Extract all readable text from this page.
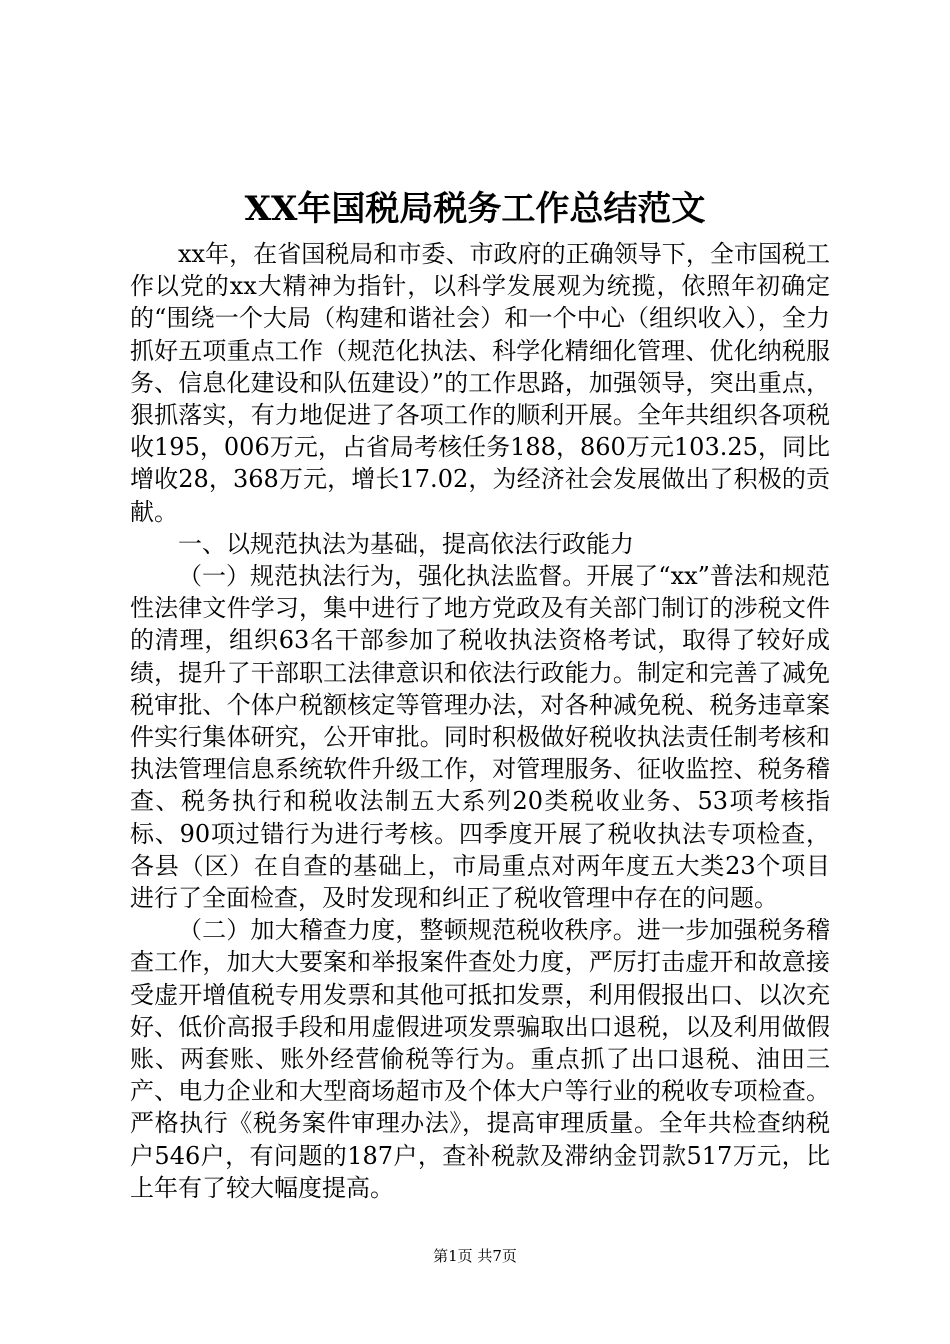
XX年国税局税务工作总结范文

xx年，在省国税局和市委、市政府的正确领导下，全市国税工作以党的xx大精神为指针，以科学发展观为统揽，依照年初确定的“围绕一个大局（构建和谐社会）和一个中心（组织收入），全力抓好五项重点工作（规范化执法、科学化精细化管理、优化纳税服务、信息化建设和队伍建设）”的工作思路，加强领导，突出重点，狠抓落实，有力地促进了各项工作的顺利开展。全年共组织各项税收195，006万元，占省局考核任务188，860万元103.25，同比增收28，368万元，增长17.02，为经济社会发展做出了积极的贡献。

一、以规范执法为基础，提高依法行政能力

（一）规范执法行为，强化执法监督。开展了“xx”普法和规范性法律文件学习，集中进行了地方党政及有关部门制订的涉税文件的清理，组织63名干部参加了税收执法资格考试，取得了较好成绩，提升了干部职工法律意识和依法行政能力。制定和完善了减免税审批、个体户税额核定等管理办法，对各种减免税、税务违章案件实行集体研究，公开审批。同时积极做好税收执法责任制考核和执法管理信息系统软件升级工作，对管理服务、征收监控、税务稽查、税务执行和税收法制五大系列20类税收业务、53项考核指标、90项过错行为进行考核。四季度开展了税收执法专项检查，各县（区）在自查的基础上，市局重点对两年度五大类23个项目进行了全面检查，及时发现和纠正了税收管理中存在的问题。

（二）加大稽查力度，整顿规范税收秩序。进一步加强税务稽查工作，加大大要案和举报案件查处力度，严厉打击虚开和故意接受虚开增值税专用发票和其他可抵扣发票，利用假报出口、以次充好、低价高报手段和用虚假进项发票骗取出口退税，以及利用做假账、两套账、账外经营偷税等行为。重点抓了出口退税、油田三产、电力企业和大型商场超市及个体大户等行业的税收专项检查。严格执行《税务案件审理办法》，提高审理质量。全年共检查纳税户546户，有问题的187户，查补税款及滞纳金罚款517万元，比上年有了较大幅度提高。

第1页 共7页
